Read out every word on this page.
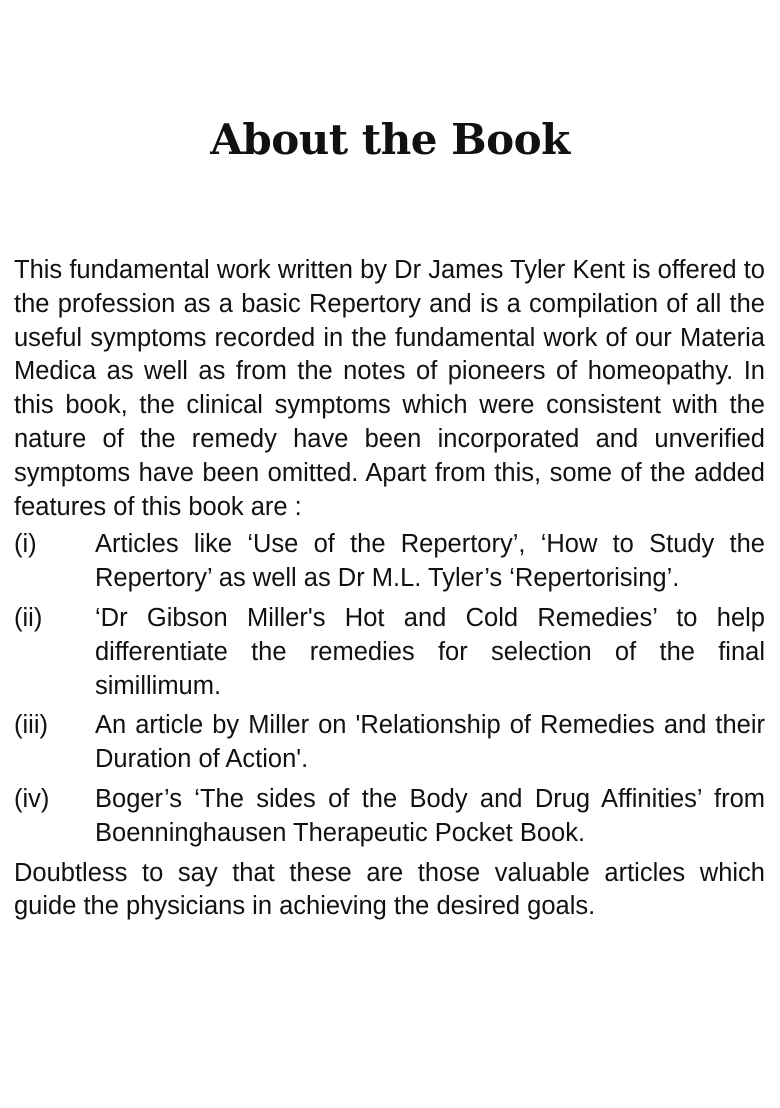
About the Book

This fundamental work written by Dr James Tyler Kent is offered to the profession as a basic Repertory and is a compilation of all the useful symptoms recorded in the fundamental work of our Materia Medica as well as from the notes of pioneers of homeopathy. In this book, the clinical symptoms which were consistent with the nature of the remedy have been incorporated and unverified symptoms have been omitted. Apart from this, some of the added features of this book are :

(i)	Articles like ‘Use of the Repertory’, ‘How to Study the Repertory’ as well as Dr M.L. Tyler’s ‘Repertorising’.
(ii)	‘Dr Gibson Miller's Hot and Cold Remedies’ to help differentiate the remedies for selection of the final simillimum.
(iii)	An article by Miller on 'Relationship of Remedies and their Duration of Action'.
(iv)	Boger’s ‘The sides of the Body and Drug Affinities’ from Boenninghausen Therapeutic Pocket Book.

Doubtless to say that these are those valuable articles which guide the physicians in achieving the desired goals.
